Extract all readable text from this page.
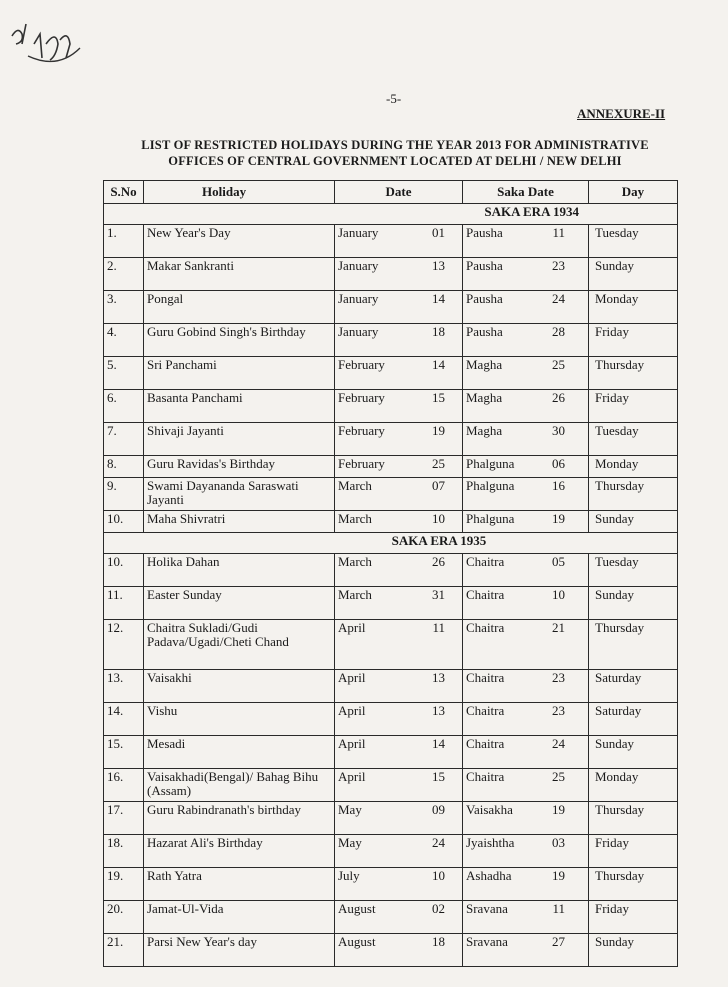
-5-
ANNEXURE-II
LIST OF RESTRICTED HOLIDAYS DURING THE YEAR 2013 FOR ADMINISTRATIVE
OFFICES OF CENTRAL GOVERNMENT LOCATED AT DELHI / NEW DELHI
S.No	Holiday	Date	Saka Date	Day
SAKA ERA 1934				
1.	New Year's Day	January 01	Pausha 11	Tuesday
2.	Makar Sankranti	January 13	Pausha 23	Sunday
3.	Pongal	January 14	Pausha 24	Monday
4.	Guru Gobind Singh's Birthday	January 18	Pausha 28	Friday
5.	Sri Panchami	February 14	Magha 25	Thursday
6.	Basanta Panchami	February 15	Magha 26	Friday
7.	Shivaji Jayanti	February 19	Magha 30	Tuesday
8.	Guru Ravidas's Birthday	February 25	Phalguna 06	Monday
9.	Swami Dayananda Saraswati Jayanti	March 07	Phalguna 16	Thursday
10.	Maha Shivratri	March 10	Phalguna 19	Sunday
SAKA ERA 1935				
10.	Holika Dahan	March 26	Chaitra 05	Tuesday
11.	Easter Sunday	March 31	Chaitra 10	Sunday
12.	Chaitra Sukladi/Gudi Padava/Ugadi/Cheti Chand	April 11	Chaitra 21	Thursday
13.	Vaisakhi	April 13	Chaitra 23	Saturday
14.	Vishu	April 13	Chaitra 23	Saturday
15.	Mesadi	April 14	Chaitra 24	Sunday
16.	Vaisakhadi(Bengal)/ Bahag Bihu (Assam)	April 15	Chaitra 25	Monday
17.	Guru Rabindranath's birthday	May 09	Vaisakha 19	Thursday
18.	Hazarat Ali's Birthday	May 24	Jyaishtha 03	Friday
19.	Rath Yatra	July 10	Ashadha 19	Thursday
20.	Jamat-Ul-Vida	August 02	Sravana 11	Friday
21.	Parsi New Year's day	August 18	Sravana 27	Sunday
